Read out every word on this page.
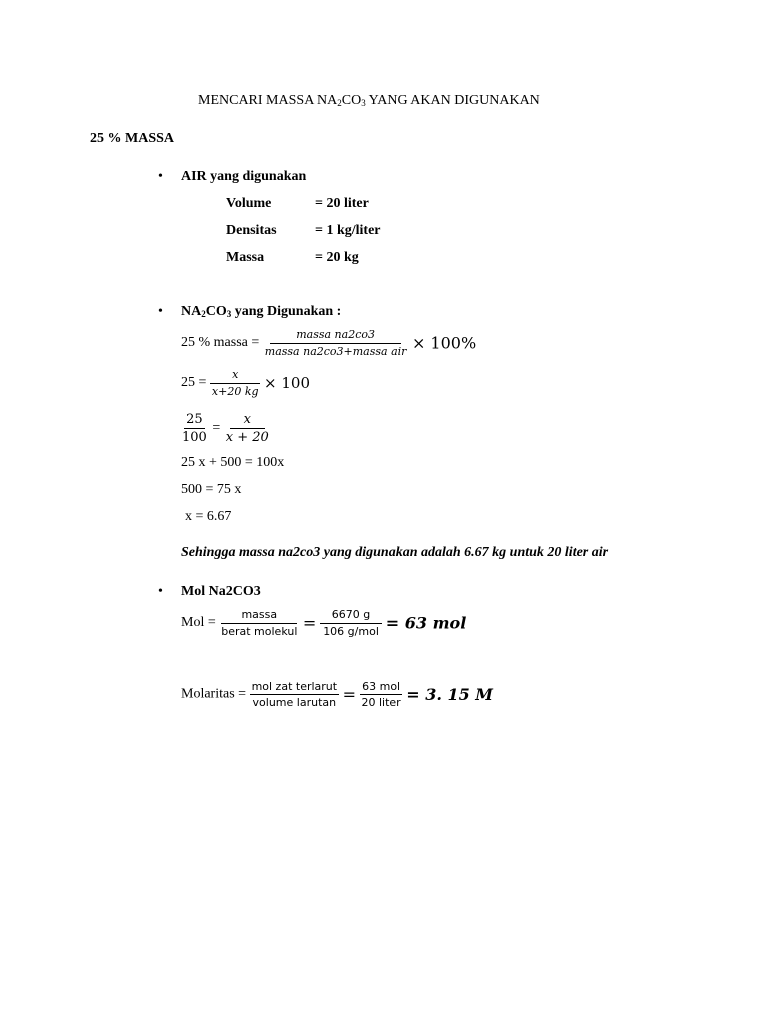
MENCARI MASSA $NA_2CO_3$ YANG AKAN DIGUNAKAN
25 % MASSA
• AIR yang digunakan
Volume	= 20 liter
Densitas	= 1 kg/liter
Massa	= 20 kg
• $NA_2CO_3$ yang Digunakan :
25 % massa = $\frac{\text{massa na2co3}}{\text{massa na2co3+massa air}} \times 100\%$
$25 = \frac{x}{x+20 kg} \times 100$
$\frac{25}{100} = \frac{x}{x + 20}$
25 x + 500 = 100x
500 = 75 x
x = 6.67
Sehingga massa na2co3 yang digunakan adalah 6.67 kg untuk 20 liter air
• Mol Na2CO3
Mol = $\frac{\text{massa}}{\text{berat molekul}} = \frac{6670 g}{\text{106 g/mol}} = 63$ mol
Molaritas = $\frac{\text{mol zat terlarut}}{\text{volume larutan}} = \frac{\text{63 mol}}{\text{20 liter}} = 3$. 15 M
